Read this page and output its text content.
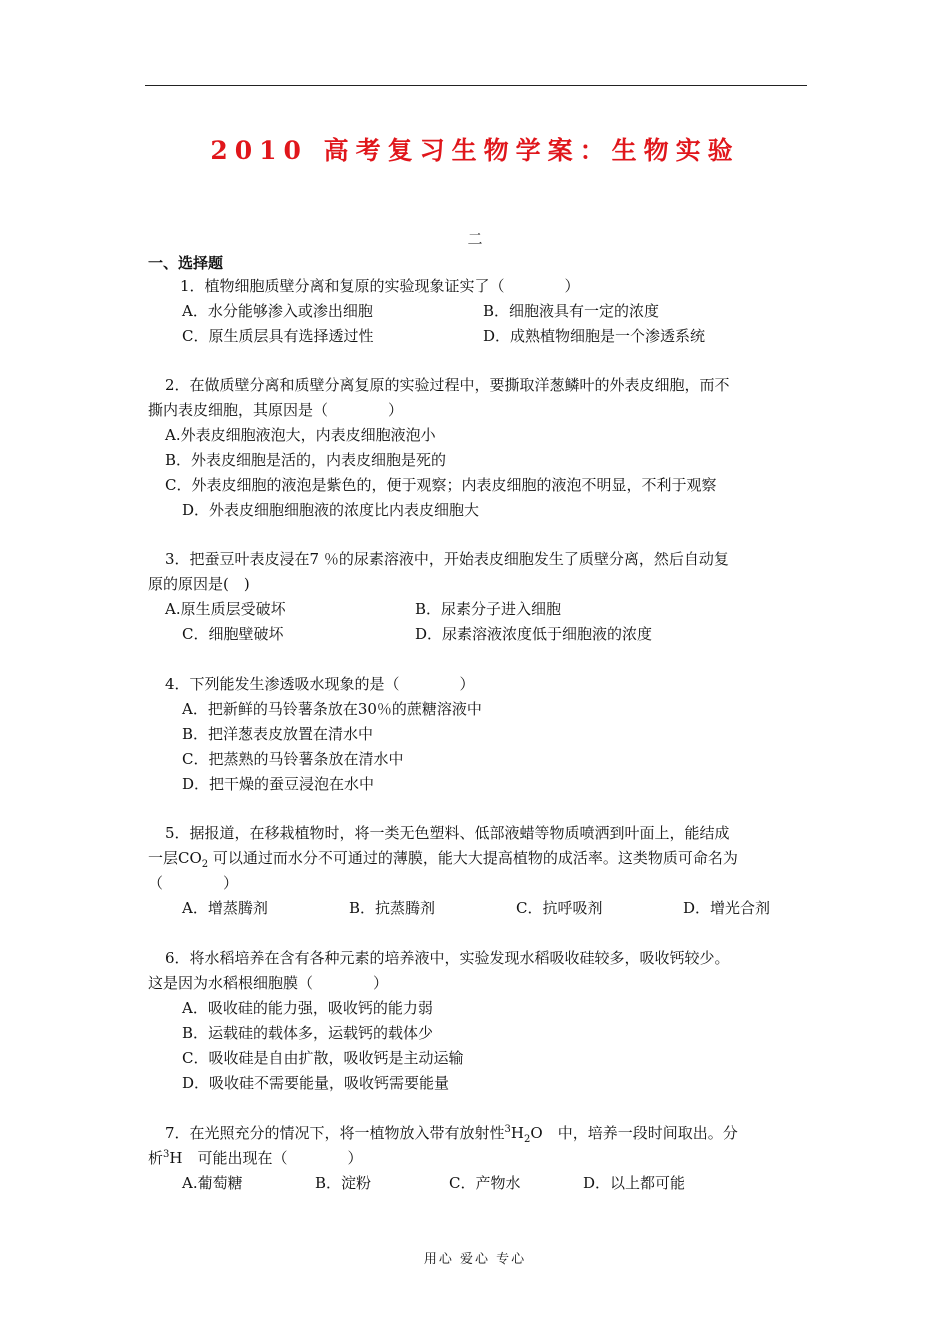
2010 高考复习生物学案：生物实验
二
一、选择题
1．植物细胞质壁分离和复原的实验现象证实了（　　　　）
A．水分能够渗入或渗出细胞	B．细胞液具有一定的浓度
C．原生质层具有选择透过性	D．成熟植物细胞是一个渗透系统
2．在做质壁分离和质壁分离复原的实验过程中，要撕取洋葱鳞叶的外表皮细胞，而不
撕内表皮细胞，其原因是（　　　　）
A.外表皮细胞液泡大，内表皮细胞液泡小
B．外表皮细胞是活的，内表皮细胞是死的
C．外表皮细胞的液泡是紫色的，便于观察；内表皮细胞的液泡不明显，不利于观察
D．外表皮细胞细胞液的浓度比内表皮细胞大
3．把蚕豆叶表皮浸在7 ％的尿素溶液中，开始表皮细胞发生了质壁分离，然后自动复
原的原因是(　)
A.原生质层受破坏	B．尿素分子进入细胞
C．细胞壁破坏	D．尿素溶液浓度低于细胞液的浓度
4．下列能发生渗透吸水现象的是（　　　　）
A．把新鲜的马铃薯条放在30％的蔗糖溶液中
B．把洋葱表皮放置在清水中
C．把蒸熟的马铃薯条放在清水中
D．把干燥的蚕豆浸泡在水中
5．据报道，在移栽植物时，将一类无色塑料、低部液蜡等物质喷洒到叶面上，能结成
一层$CO_2$ 可以通过而水分不可通过的薄膜，能大大提高植物的成活率。这类物质可命名为
（　　　　）
A．增蒸腾剂	B．抗蒸腾剂	C．抗呼吸剂	D．增光合剂
6．将水稻培养在含有各种元素的培养液中，实验发现水稻吸收硅较多，吸收钙较少。
这是因为水稻根细胞膜（　　　　）
A．吸收硅的能力强，吸收钙的能力弱
B．运载硅的载体多，运载钙的载体少
C．吸收硅是自由扩散，吸收钙是主动运输
D．吸收硅不需要能量，吸收钙需要能量
7．在光照充分的情况下，将一植物放入带有放射性$^3H_2O$　中，培养一段时间取出。分
析$^3$H　可能出现在（　　　　）
A.葡萄糖	B．淀粉	C．产物水	D．以上都可能
用心 爱心 专心
